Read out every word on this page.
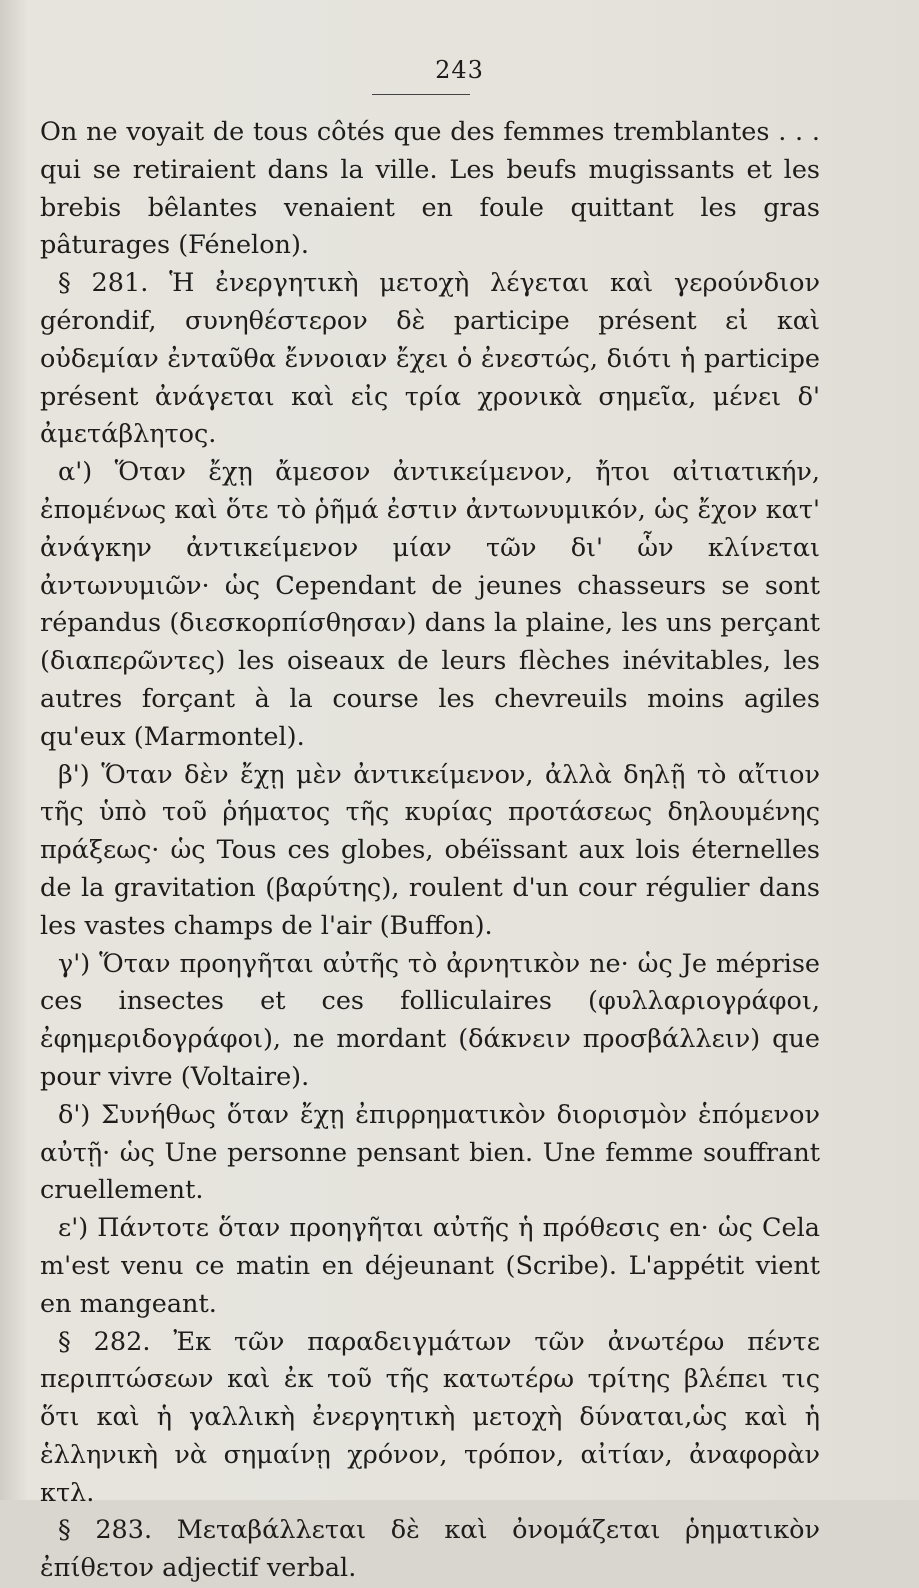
243

On ne voyait de tous côtés que des femmes tremblantes . . . qui se retiraient dans la ville. Les beufs mugissants et les brebis bêlantes venaient en foule quittant les gras pâturages (Fénelon).

§ 281. Ἡ ἐνεργητικὴ μετοχὴ λέγεται καὶ γερούνδιον gérondif, συνηθέστερον δὲ participe présent εἰ καὶ οὐδεμίαν ἐνταῦθα ἔννοιαν ἔχει ὁ ἐνεστώς, διότι ἡ participe présent ἀνάγεται καὶ εἰς τρία χρονικὰ σημεῖα, μένει δ' ἀμετάβλητος.

α') Ὅταν ἔχῃ ἄμεσον ἀντικείμενον, ἤτοι αἰτιατικήν, ἐπομένως καὶ ὅτε τὸ ῥῆμά ἐστιν ἀντωνυμικόν, ὡς ἔχον κατ' ἀνάγκην ἀντικείμενον μίαν τῶν δι' ὧν κλίνεται ἀντωνυμιῶν· ὡς Cependant de jeunes chasseurs se sont répandus (διεσκορπίσθησαν) dans la plaine, les uns perçant (διαπερῶντες) les oiseaux de leurs flèches inévitables, les autres forçant à la course les chevreuils moins agiles qu'eux (Marmontel).

β') Ὅταν δὲν ἔχῃ μὲν ἀντικείμενον, ἀλλὰ δηλῇ τὸ αἴτιον τῆς ὑπὸ τοῦ ῥήματος τῆς κυρίας προτάσεως δηλουμένης πράξεως· ὡς Tous ces globes, obéïssant aux lois éternelles de la gravitation (βαρύτης), roulent d'un cour régulier dans les vastes champs de l'air (Buffon).

γ') Ὅταν προηγῆται αὐτῆς τὸ ἀρνητικὸν ne· ὡς Je méprise ces insectes et ces folliculaires (φυλλαριογράφοι, ἐφημεριδογράφοι), ne mordant (δάκνειν προσβάλλειν) que pour vivre (Voltaire).

δ') Συνήθως ὅταν ἔχῃ ἐπιρρηματικὸν διορισμὸν ἑπόμενον αὐτῇ· ὡς Une personne pensant bien. Une femme souffrant cruellement.

ε') Πάντοτε ὅταν προηγῆται αὐτῆς ἡ πρόθεσις en· ὡς Cela m'est venu ce matin en déjeunant (Scribe). L'appétit vient en mangeant.

§ 282. Ἐκ τῶν παραδειγμάτων τῶν ἀνωτέρω πέντε περιπτώσεων καὶ ἐκ τοῦ τῆς κατωτέρω τρίτης βλέπει τις ὅτι καὶ ἡ γαλλικὴ ἐνεργητικὴ μετοχὴ δύναται,ὡς καὶ ἡ ἑλληνικὴ νὰ σημαίνῃ χρόνον, τρόπον, αἰτίαν, ἀναφορὰν κτλ.

§ 283. Μεταβάλλεται δὲ καὶ ὀνομάζεται ῥηματικὸν ἐπίθετον adjectif verbal.
